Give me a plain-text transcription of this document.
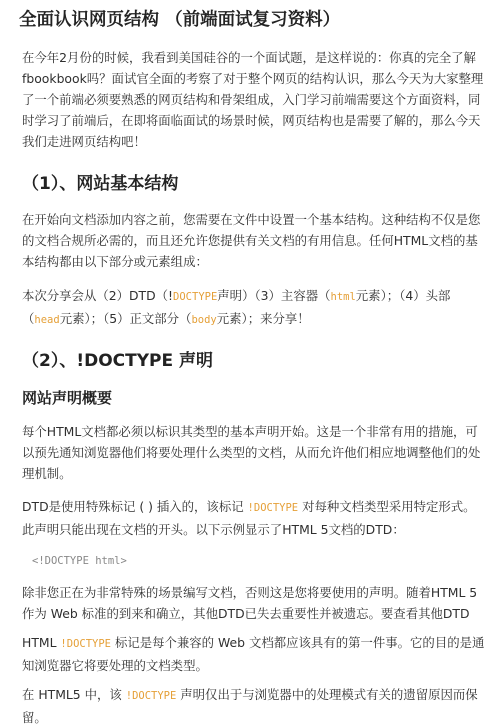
全面认识网页结构 （前端面试复习资料）

在今年2月份的时候，我看到美国硅谷的一个面试题，是这样说的：你真的完全了解fbookbook吗？面试官全面的考察了对于整个网页的结构认识，那么今天为大家整理了一个前端必须要熟悉的网页结构和骨架组成，入门学习前端需要这个方面资料，同时学习了前端后，在即将面临面试的场景时候，网页结构也是需要了解的，那么今天我们走进网页结构吧！

（1）、网站基本结构

在开始向文档添加内容之前，您需要在文件中设置一个基本结构。这种结构不仅是您的文档合规所必需的，而且还允许您提供有关文档的有用信息。任何HTML文档的基本结构都由以下部分或元素组成：

本次分享会从（2）DTD（!DOCTYPE声明）（3）主容器（html元素）；（4）头部（head元素）；（5）正文部分（body元素）；来分享！

（2）、!DOCTYPE 声明
网站声明概要

每个HTML文档都必须以标识其类型的基本声明开始。这是一个非常有用的措施，可以预先通知浏览器他们将要处理什么类型的文档，从而允许他们相应地调整他们的处理机制。

DTD是使用特殊标记 ( ) 插入的，该标记 !DOCTYPE 对每种文档类型采用特定形式。此声明只能出现在文档的开头。以下示例显示了HTML 5文档的DTD：

<!DOCTYPE html>

除非您正在为非常特殊的场景编写文档，否则这是您将要使用的声明。随着HTML 5作为 Web 标准的到来和确立，其他DTD已失去重要性并被遗忘。要查看其他DTD

HTML !DOCTYPE 标记是每个兼容的 Web 文档都应该具有的第一件事。它的目的是通知浏览器它将要处理的文档类型。

在 HTML5 中，该 !DOCTYPE 声明仅出于与浏览器中的处理模式有关的遗留原因而保留。
